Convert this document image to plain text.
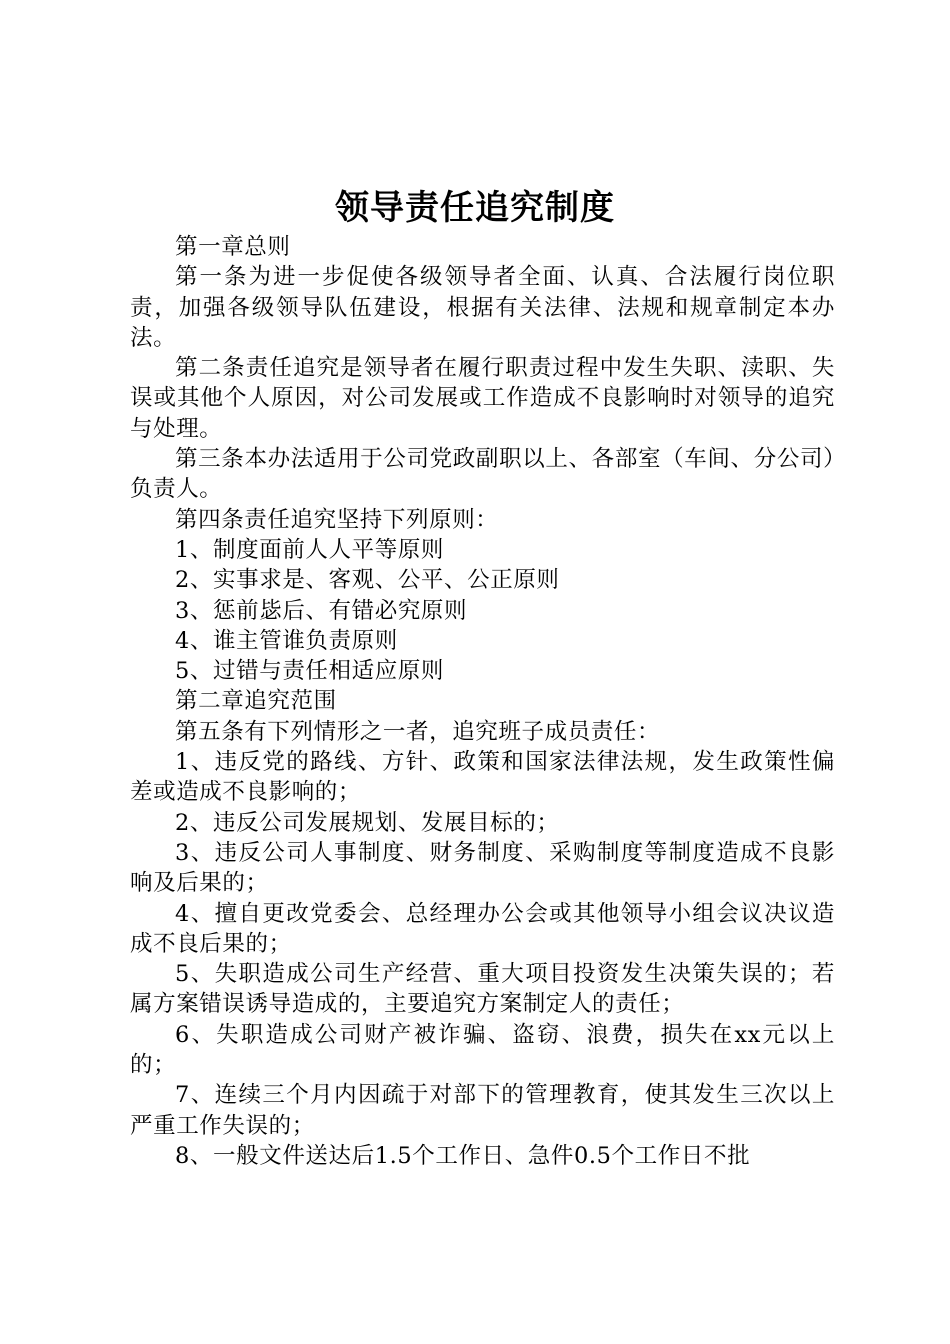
领导责任追究制度

第一章总则

第一条为进一步促使各级领导者全面、认真、合法履行岗位职责，加强各级领导队伍建设，根据有关法律、法规和规章制定本办法。

第二条责任追究是领导者在履行职责过程中发生失职、渎职、失误或其他个人原因，对公司发展或工作造成不良影响时对领导的追究与处理。

第三条本办法适用于公司党政副职以上、各部室（车间、分公司）负责人。

第四条责任追究坚持下列原则：

1、制度面前人人平等原则

2、实事求是、客观、公平、公正原则

3、惩前毖后、有错必究原则

4、谁主管谁负责原则

5、过错与责任相适应原则

第二章追究范围

第五条有下列情形之一者，追究班子成员责任：

1、违反党的路线、方针、政策和国家法律法规，发生政策性偏差或造成不良影响的；

2、违反公司发展规划、发展目标的；

3、违反公司人事制度、财务制度、采购制度等制度造成不良影响及后果的；

4、擅自更改党委会、总经理办公会或其他领导小组会议决议造成不良后果的；

5、失职造成公司生产经营、重大项目投资发生决策失误的；若属方案错误诱导造成的，主要追究方案制定人的责任；

6、失职造成公司财产被诈骗、盗窃、浪费，损失在xx元以上的；

7、连续三个月内因疏于对部下的管理教育，使其发生三次以上严重工作失误的；

8、一般文件送达后1.5个工作日、急件0.5个工作日不批
